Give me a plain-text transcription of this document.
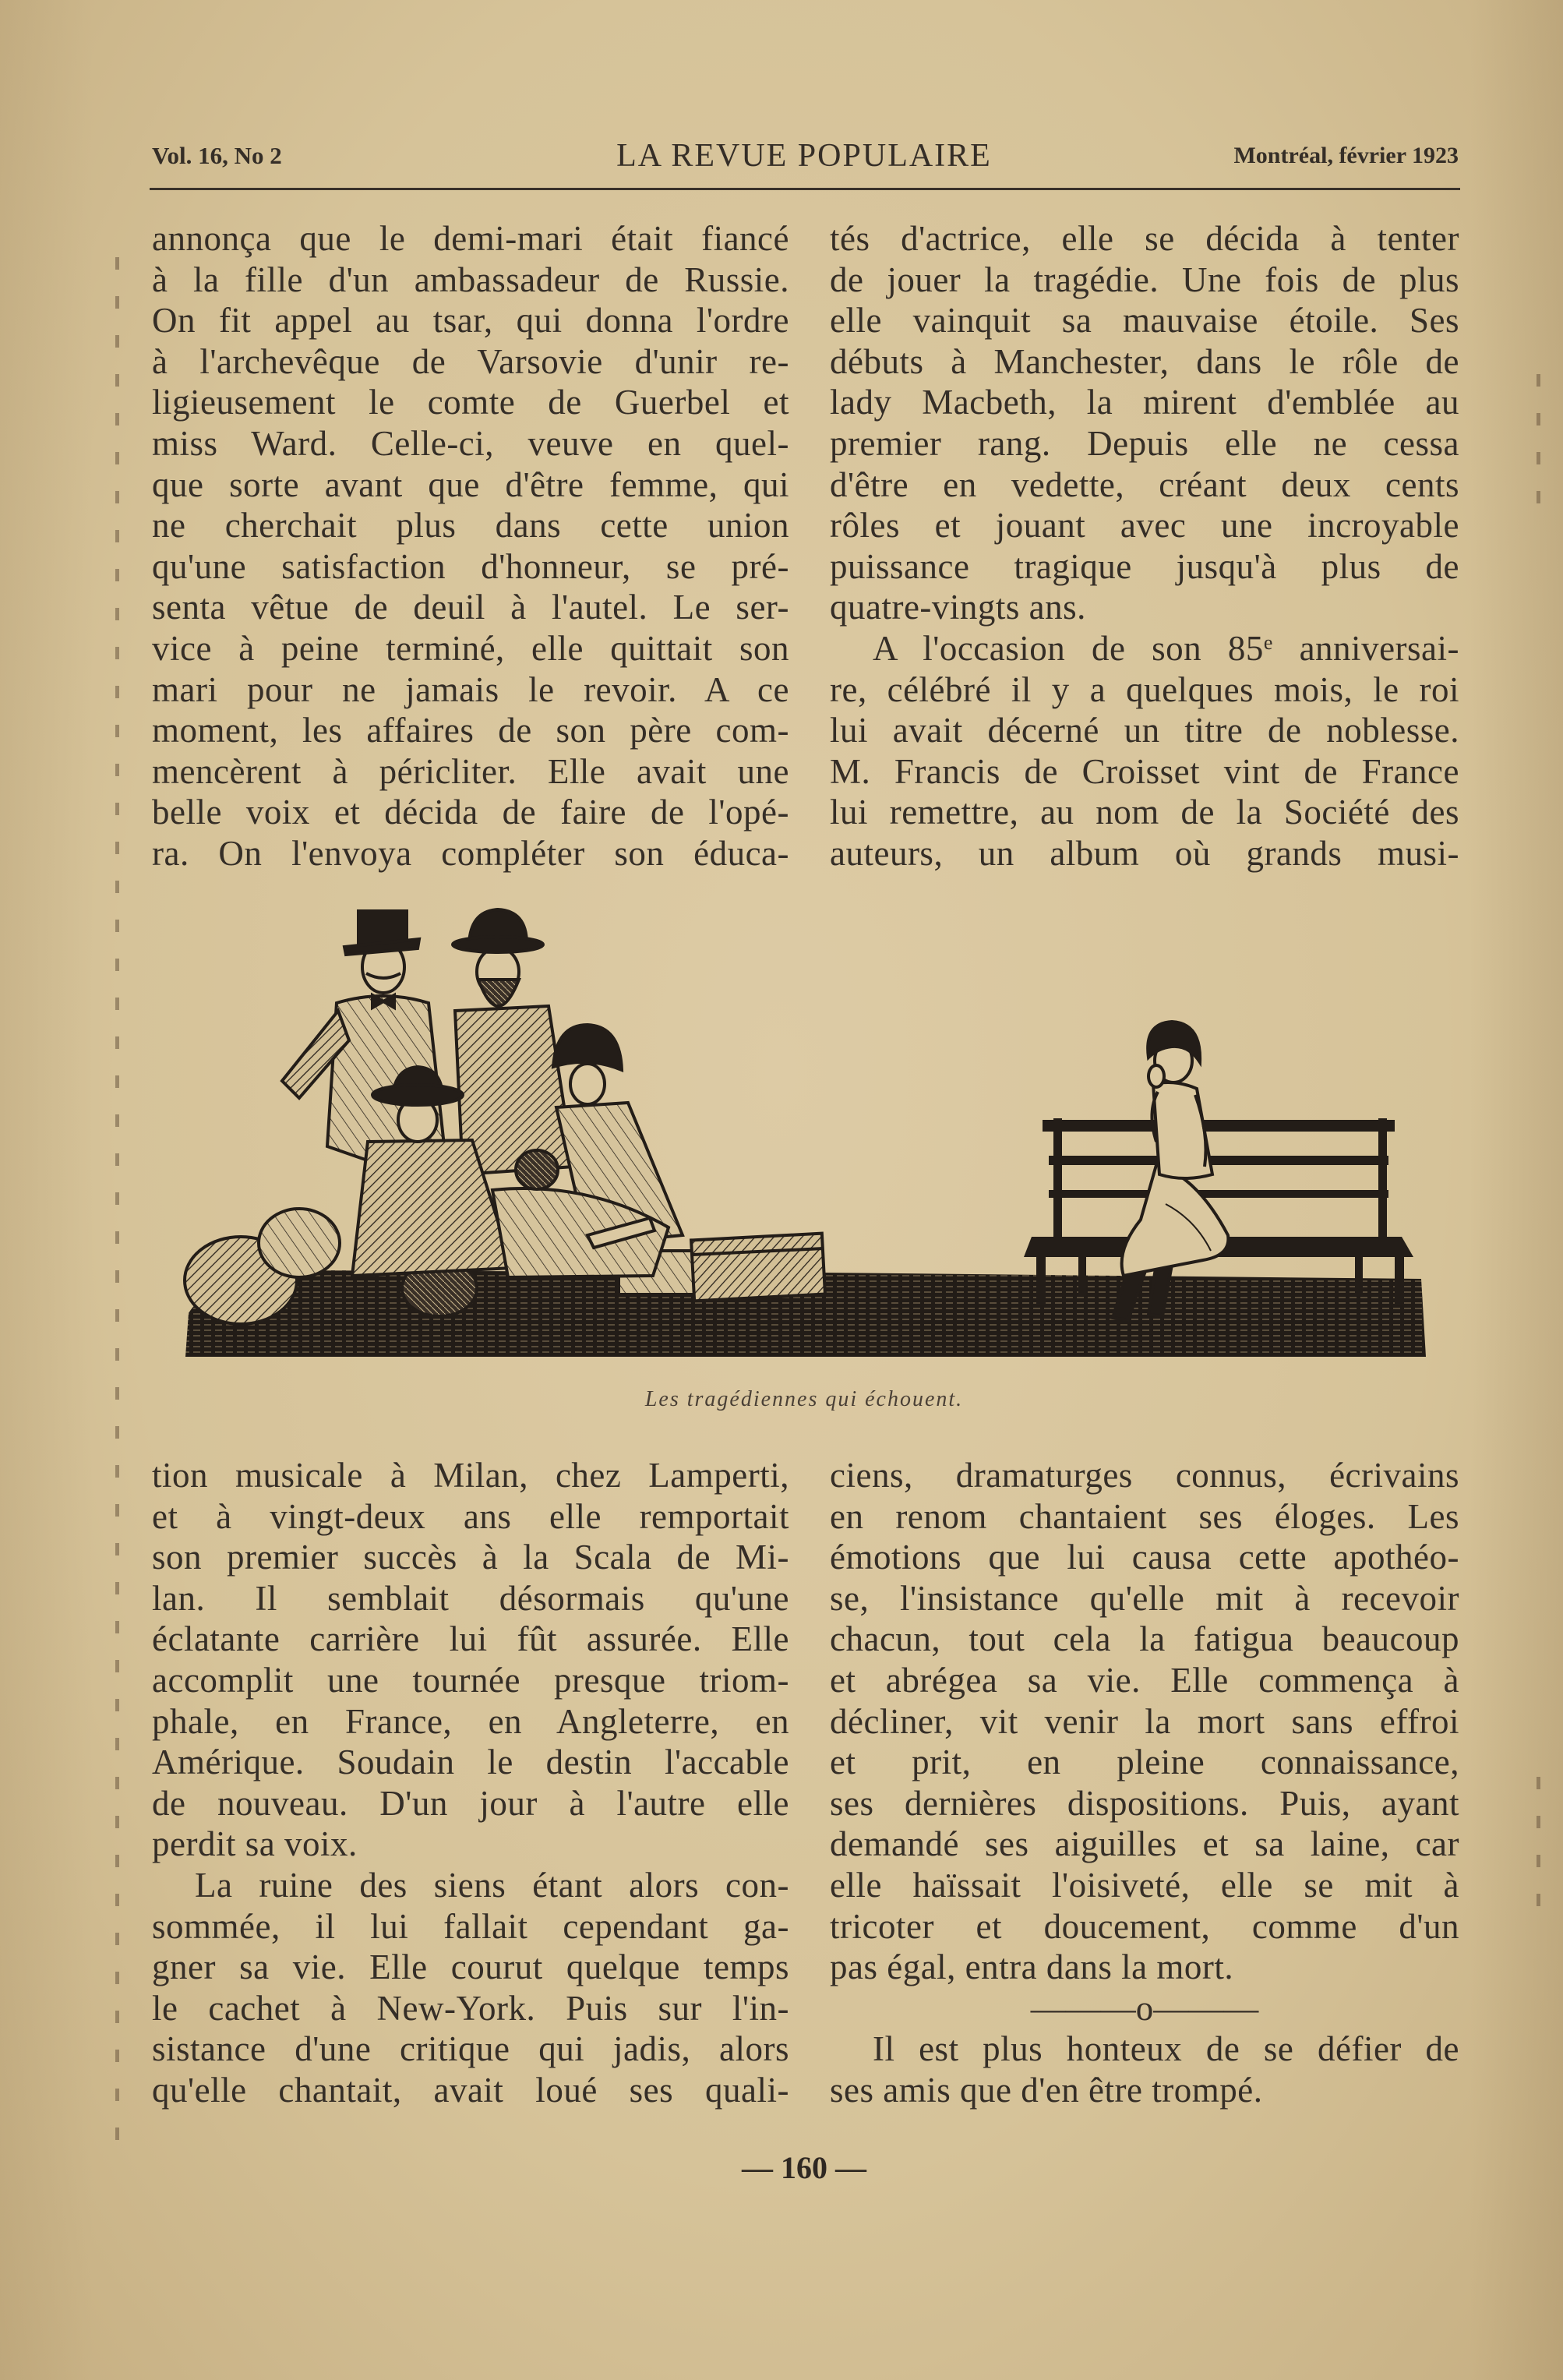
Vol. 16, No 2	LA REVUE POPULAIRE	Montréal, février 1923
annonça que le demi-mari était fiancé
à la fille d'un ambassadeur de Russie.
On fit appel au tsar, qui donna l'ordre
à l'archevêque de Varsovie d'unir re-
ligieusement le comte de Guerbel et
miss Ward. Celle-ci, veuve en quel-
que sorte avant que d'être femme, qui
ne cherchait plus dans cette union
qu'une satisfaction d'honneur, se pré-
senta vêtue de deuil à l'autel. Le ser-
vice à peine terminé, elle quittait son
mari pour ne jamais le revoir. A ce
moment, les affaires de son père com-
mencèrent à péricliter. Elle avait une
belle voix et décida de faire de l'opé-
ra. On l'envoya compléter son éduca-
tés d'actrice, elle se décida à tenter
de jouer la tragédie. Une fois de plus
elle vainquit sa mauvaise étoile. Ses
débuts à Manchester, dans le rôle de
lady Macbeth, la mirent d'emblée au
premier rang. Depuis elle ne cessa
d'être en vedette, créant deux cents
rôles et jouant avec une incroyable
puissance tragique jusqu'à plus de
quatre-vingts ans.
A l'occasion de son 85e anniversai-
re, célébré il y a quelques mois, le roi
lui avait décerné un titre de noblesse.
M. Francis de Croisset vint de France
lui remettre, au nom de la Société des
auteurs, un album où grands musi-
Les tragédiennes qui échouent.
tion musicale à Milan, chez Lamperti,
et à vingt-deux ans elle remportait
son premier succès à la Scala de Mi-
lan. Il semblait désormais qu'une
éclatante carrière lui fût assurée. Elle
accomplit une tournée presque triom-
phale, en France, en Angleterre, en
Amérique. Soudain le destin l'accable
de nouveau. D'un jour à l'autre elle
perdit sa voix.
La ruine des siens étant alors con-
sommée, il lui fallait cependant ga-
gner sa vie. Elle courut quelque temps
le cachet à New-York. Puis sur l'in-
sistance d'une critique qui jadis, alors
qu'elle chantait, avait loué ses quali-
ciens, dramaturges connus, écrivains
en renom chantaient ses éloges. Les
émotions que lui causa cette apothéo-
se, l'insistance qu'elle mit à recevoir
chacun, tout cela la fatigua beaucoup
et abrégea sa vie. Elle commença à
décliner, vit venir la mort sans effroi
et prit, en pleine connaissance,
ses dernières dispositions. Puis, ayant
demandé ses aiguilles et sa laine, car
elle haïssait l'oisiveté, elle se mit à
tricoter et doucement, comme d'un
pas égal, entra dans la mort.
———o———
Il est plus honteux de se défier de
ses amis que d'en être trompé.
— 160 —
